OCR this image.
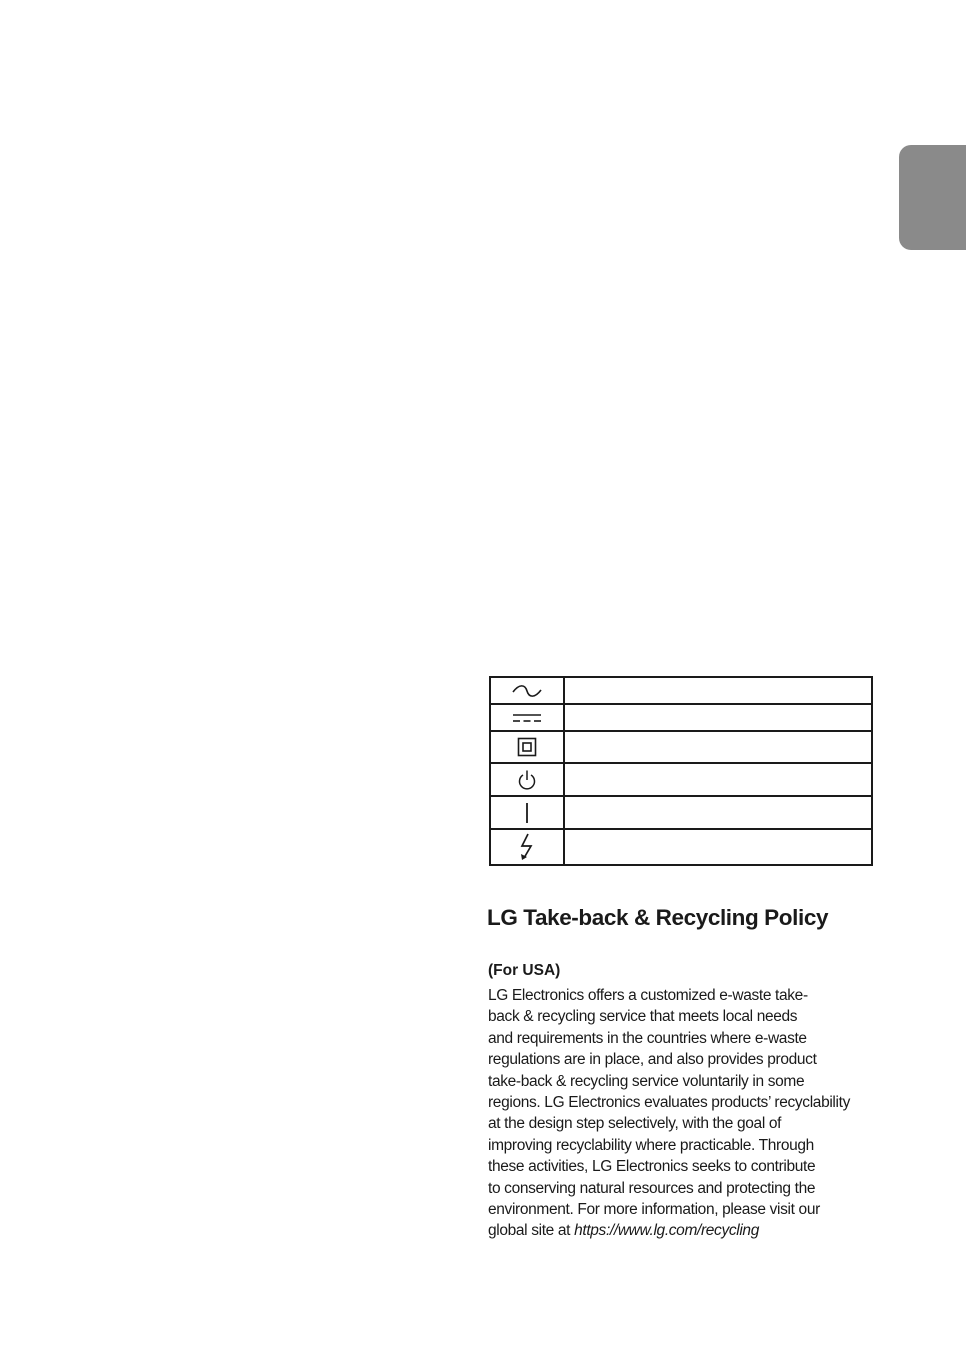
LG Take-back & Recycling Policy
(For USA)

LG Electronics offers a customized e-waste take-
back & recycling service that meets local needs
and requirements in the countries where e-waste
regulations are in place, and also provides product
take-back & recycling service voluntarily in some
regions. LG Electronics evaluates products’ recyclability
at the design step selectively, with the goal of
improving recyclability where practicable. Through
these activities, LG Electronics seeks to contribute
to conserving natural resources and protecting the
environment. For more information, please visit our
global site at https://www.lg.com/recycling
